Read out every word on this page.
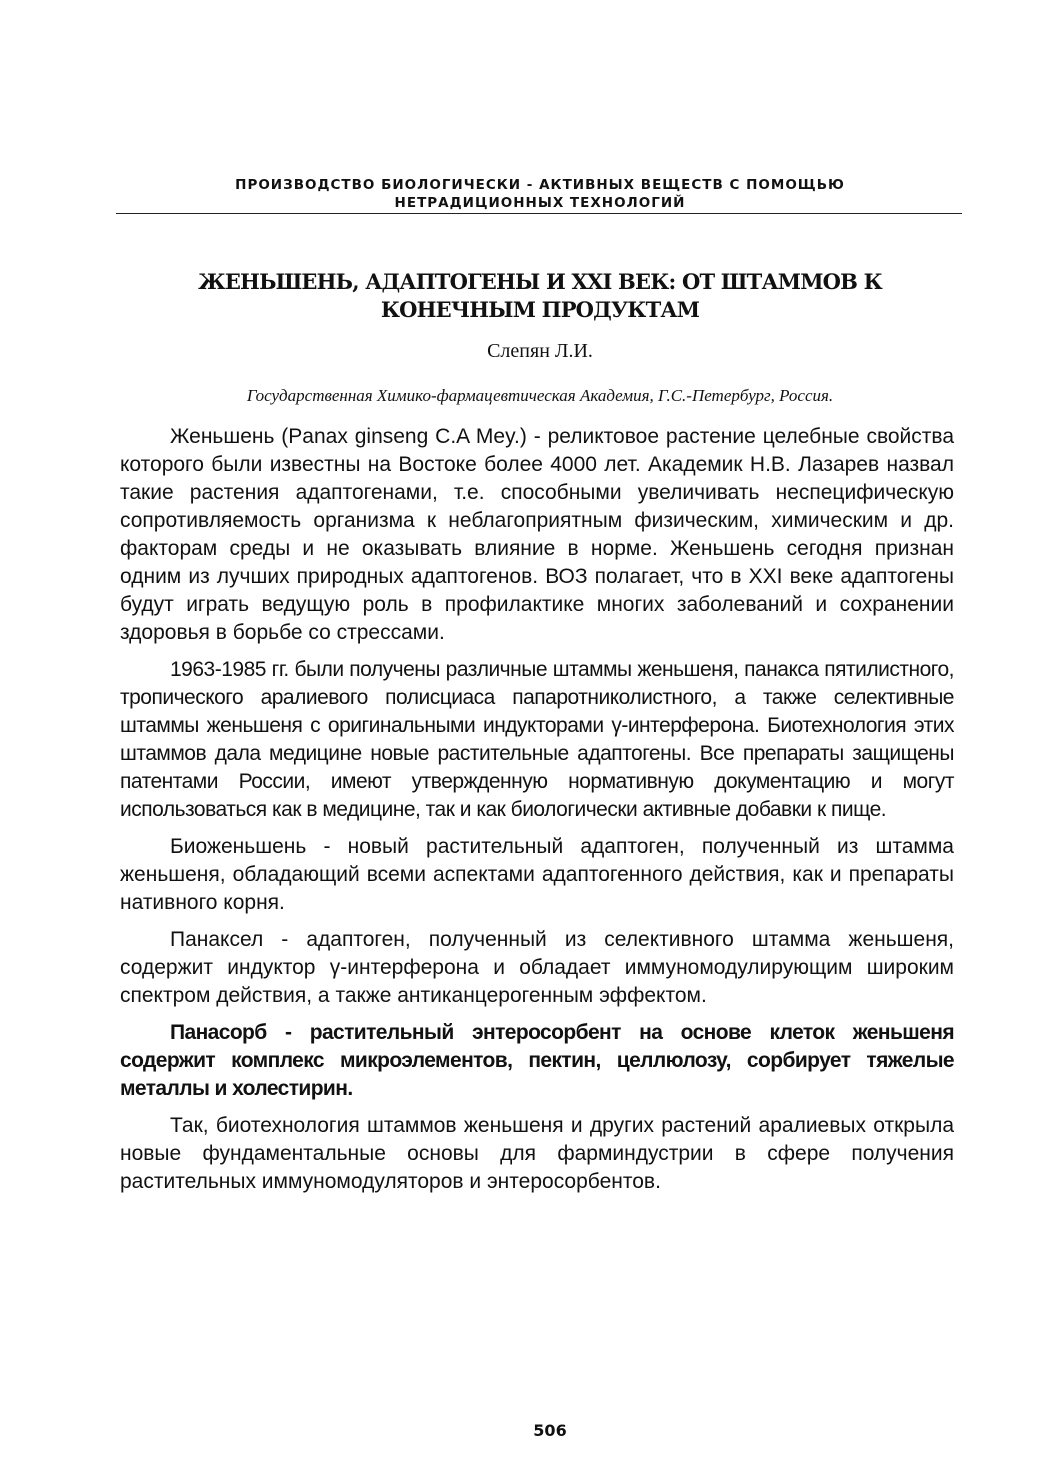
ПРОИЗВОДСТВО БИОЛОГИЧЕСКИ - АКТИВНЫХ ВЕЩЕСТВ С ПОМОЩЬЮ
НЕТРАДИЦИОННЫХ ТЕХНОЛОГИЙ
ЖЕНЬШЕНЬ, АДАПТОГЕНЫ И XXI ВЕК: ОТ ШТАММОВ К
КОНЕЧНЫМ ПРОДУКТАМ
Слепян Л.И.
Государственная Химико-фармацевтическая Академия, Г.С.-Петербург, Россия.

Женьшень (Panax ginseng C.A Mey.) - реликтовое растение целебные свойства которого были известны на Востоке более 4000 лет. Академик Н.В. Лазарев назвал такие растения адаптогенами, т.е. способными увеличивать неспецифическую сопротивляемость организма к неблагоприятным физическим, химическим и др. факторам среды и не оказывать влияние в норме. Женьшень сегодня признан одним из лучших природных адаптогенов. ВОЗ полагает, что в XXI веке адаптогены будут играть ведущую роль в профилактике многих заболеваний и сохранении здоровья в борьбе со стрессами.

1963-1985 гг. были получены различные штаммы женьшеня, панакса пятилистного, тропического аралиевого полисциаса папаротниколистного, а также селективные штаммы женьшеня с оригинальными индукторами γ-интерферона. Биотехнология этих штаммов дала медицине новые растительные адаптогены. Все препараты защищены патентами России, имеют утвержденную нормативную документацию и могут использоваться как в медицине, так и как биологически активные добавки к пище.

Биоженьшень - новый растительный адаптоген, полученный из штамма женьшеня, обладающий всеми аспектами адаптогенного действия, как и препараты нативного корня.

Панаксел - адаптоген, полученный из селективного штамма женьшеня, содержит индуктор γ-интерферона и обладает иммуномодулирующим широким спектром действия, а также антиканцерогенным эффектом.

Панасорб - растительный энтеросорбент на основе клеток женьшеня содержит комплекс микроэлементов, пектин, целлюлозу, сорбирует тяжелые металлы и холестирин.

Так, биотехнология штаммов женьшеня и других растений аралиевых открыла новые фундаментальные основы для фарминдустрии в сфере получения растительных иммуномодуляторов и энтеросорбентов.

506
